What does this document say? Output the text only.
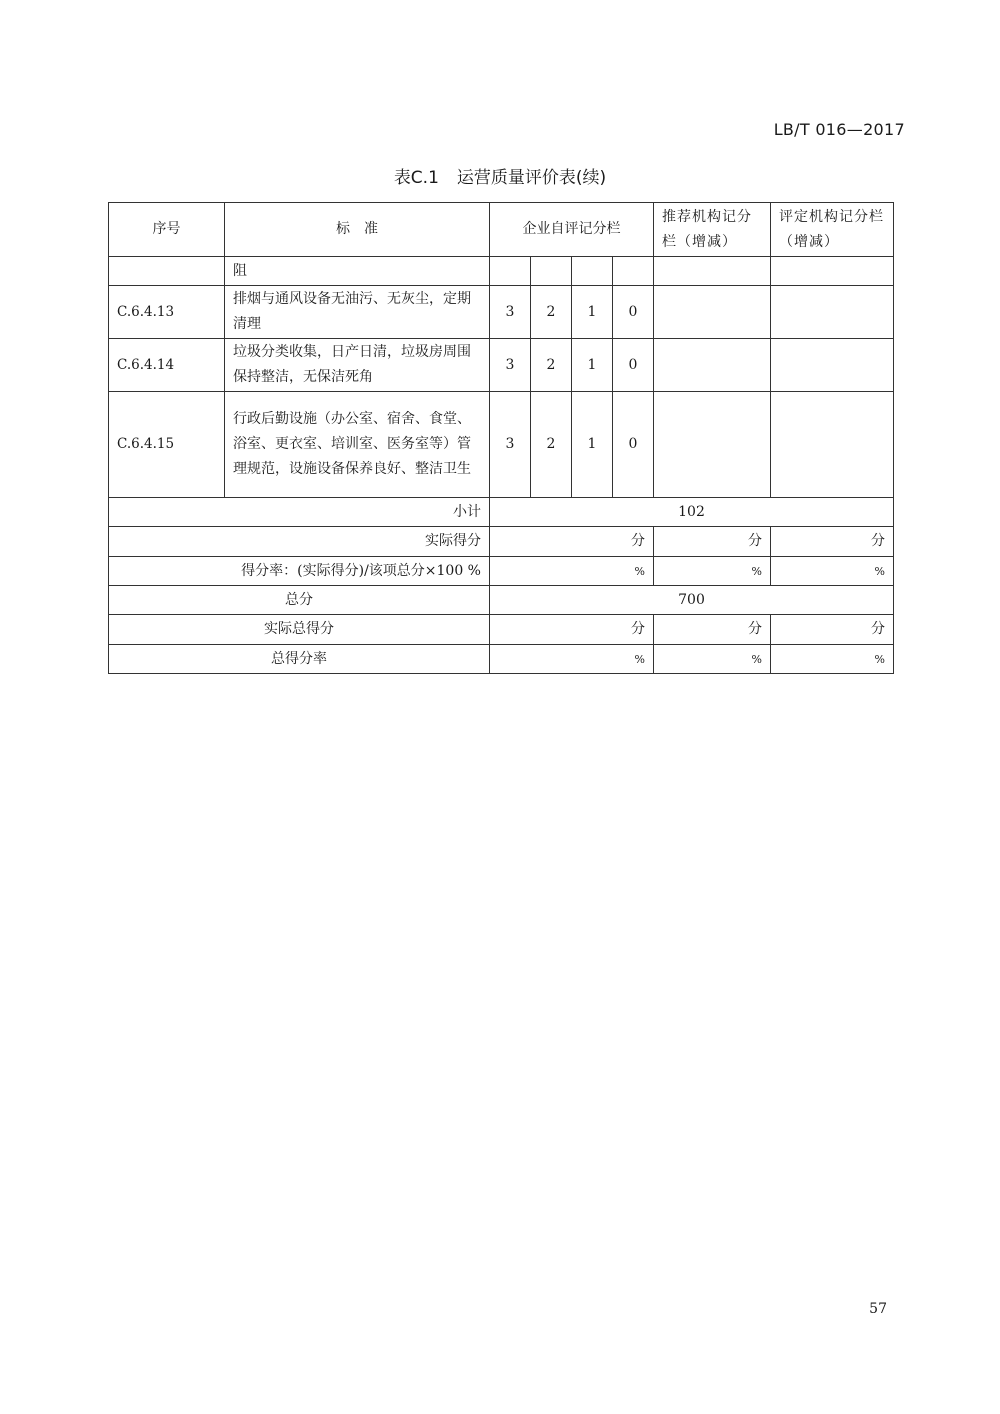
LB/T 016—2017
表C.1 运营质量评价表(续)
序号	标　准	企业自评记分栏				推荐机构记分栏（增减）	评定机构记分栏（增减）
	阻						
C.6.4.13	排烟与通风设备无油污、无灰尘，定期清理	3	2	1	0		
C.6.4.14	垃圾分类收集，日产日清，垃圾房周围保持整洁，无保洁死角	3	2	1	0		
C.6.4.15	行政后勤设施（办公室、宿舍、食堂、浴室、更衣室、培训室、医务室等）管理规范，设施设备保养良好、整洁卫生	3	2	1	0		
小计		102					
实际得分		分				分	分
得分率：(实际得分)/该项总分×100 %		%				%	%
总分		700					
实际总得分		分				分	分
总得分率		%				%	%
57
